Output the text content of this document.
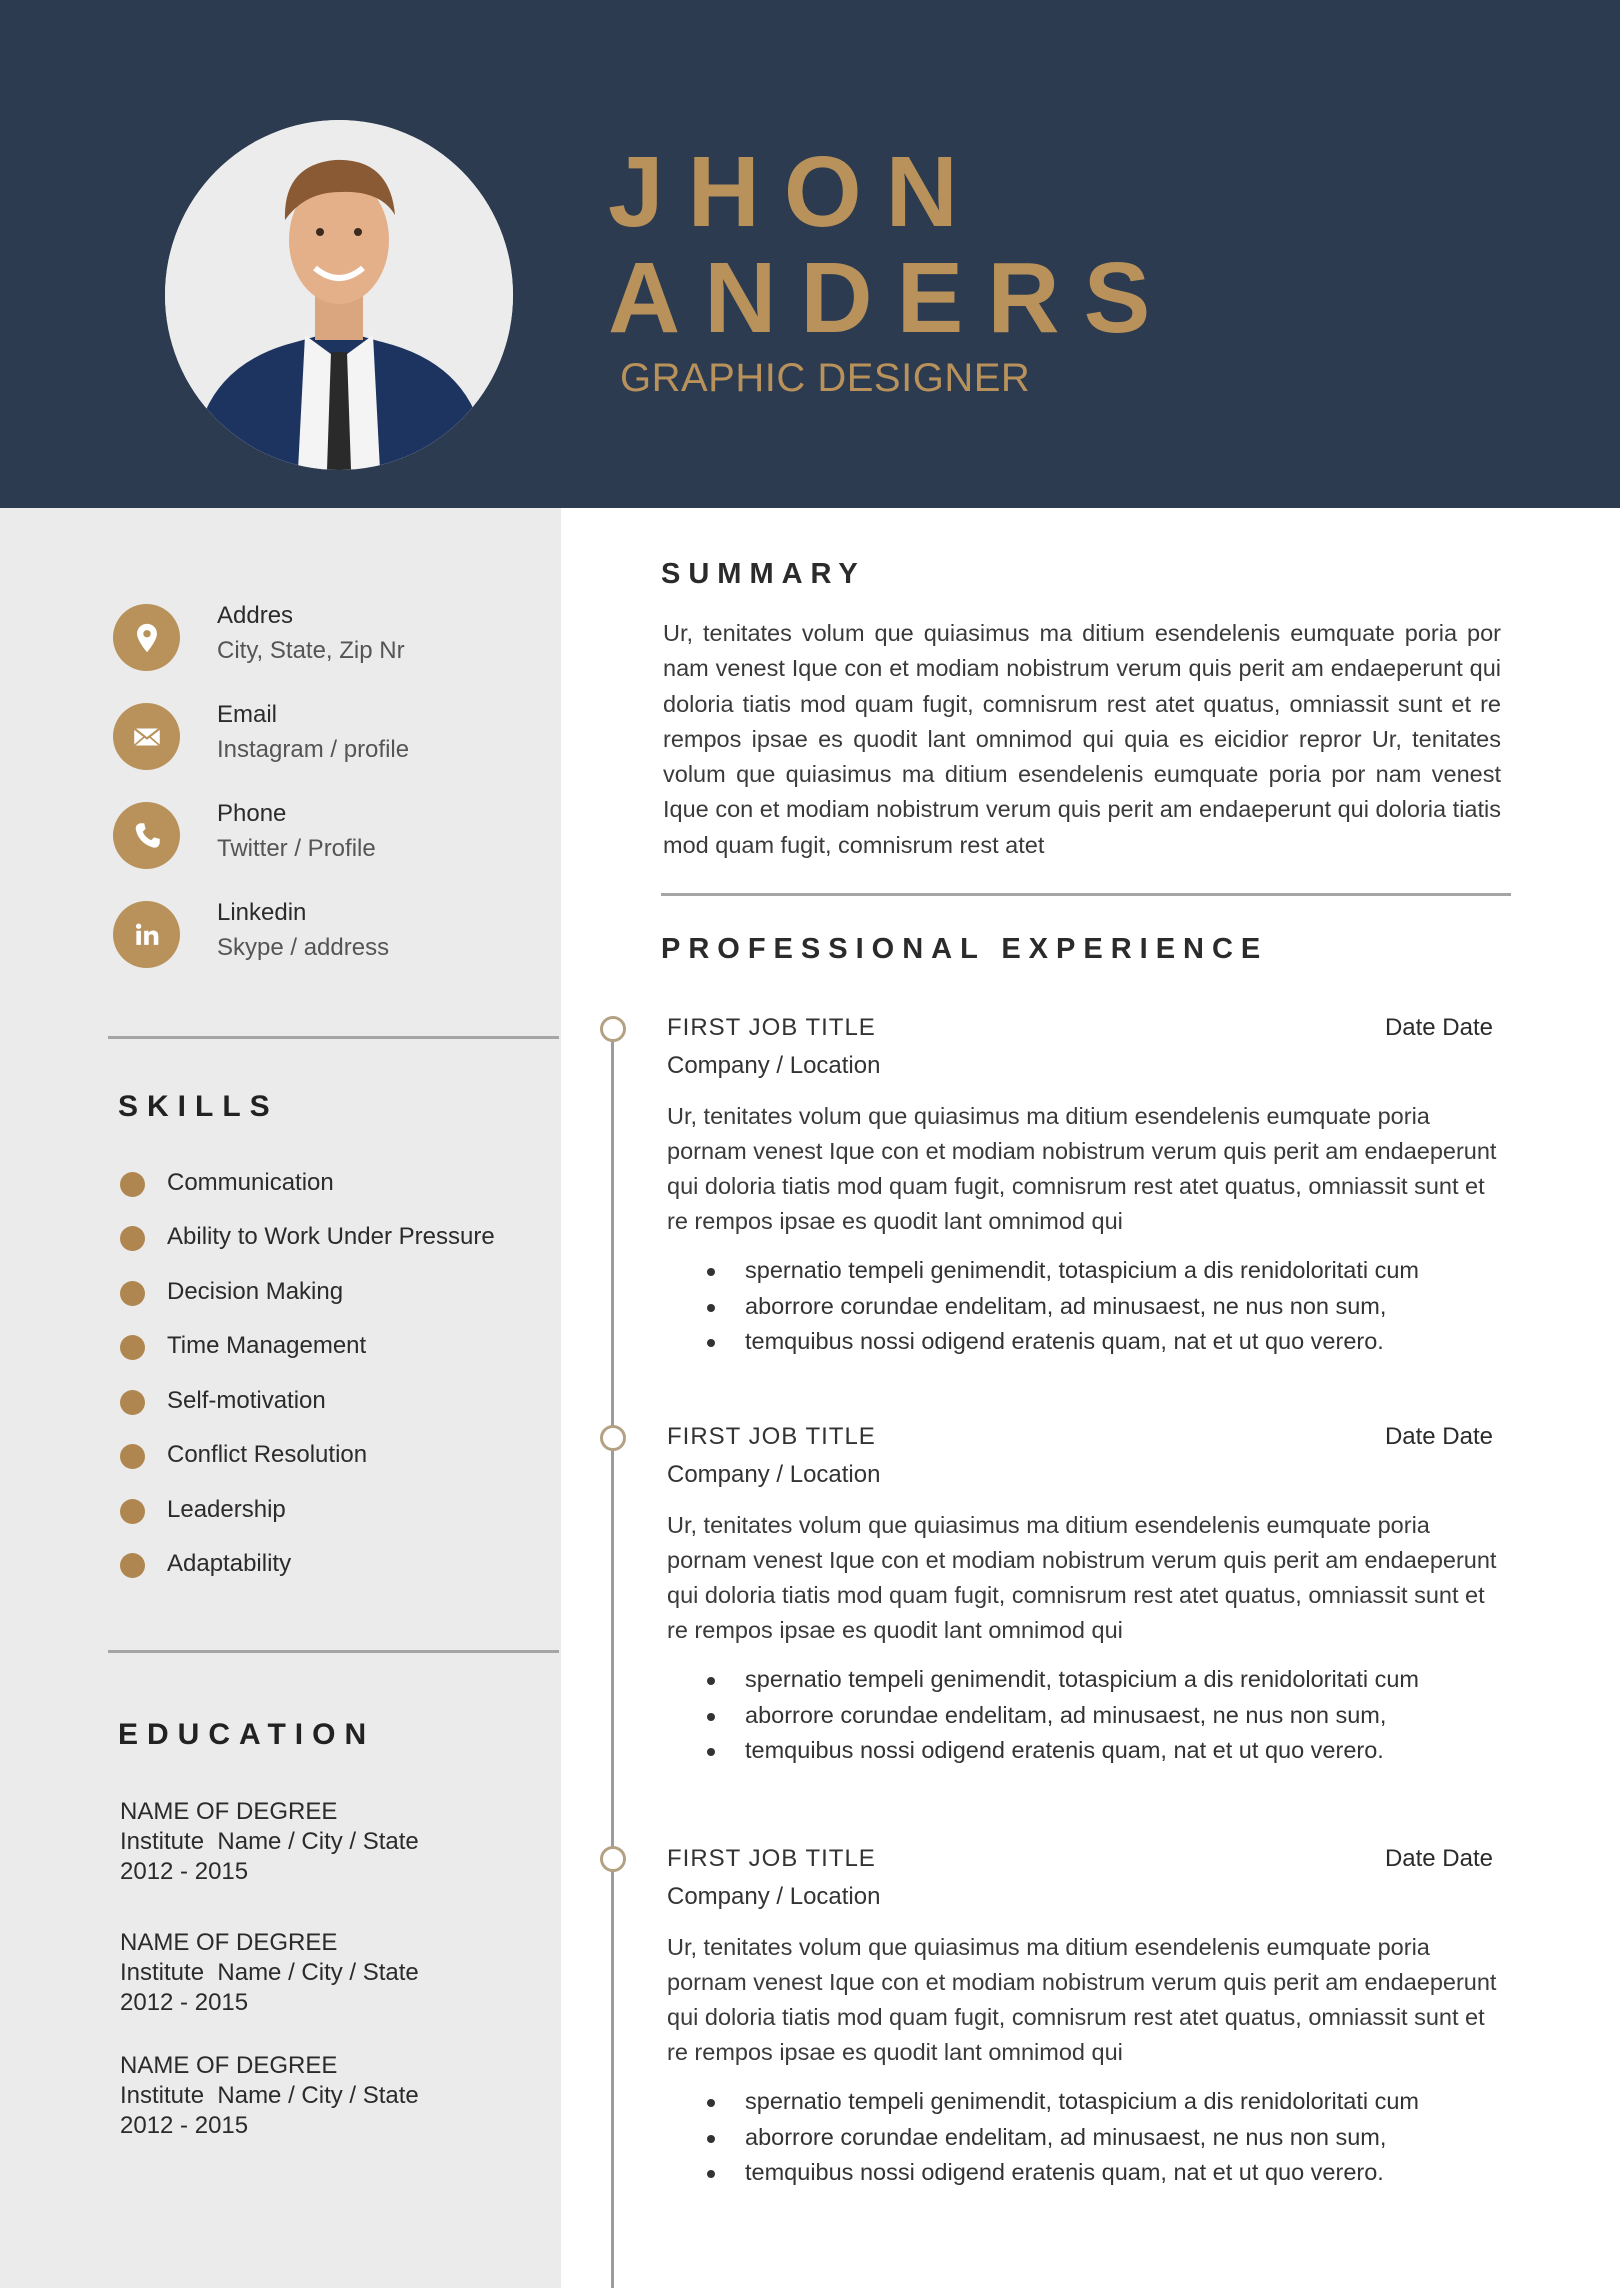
JHON
ANDERS
GRAPHIC DESIGNER
Addres
City, State, Zip Nr
Email
Instagram / profile
Phone
Twitter / Profile
Linkedin
Skype / address
SKILLS
Communication
Ability to Work Under Pressure
Decision Making
Time Management
Self-motivation
Conflict Resolution
Leadership
Adaptability
EDUCATION
NAME OF DEGREE
Institute  Name / City / State
2012 - 2015
NAME OF DEGREE
Institute  Name / City / State
2012 - 2015
NAME OF DEGREE
Institute  Name / City / State
2012 - 2015
SUMMARY
Ur, tenitates volum que quiasimus ma ditium esendelenis eumquate poria por nam venest Ique con et modiam nobistrum verum quis perit am endaeperunt qui doloria tiatis mod quam fugit, comnisrum rest atet quatus, omniassit sunt et re rempos ipsae es quodit lant omnimod qui quia es eicidior repror Ur, tenitates volum que quiasimus ma ditium esendelenis eumquate poria por nam venest Ique con et modiam nobistrum verum quis perit am endaeperunt qui doloria tiatis mod quam fugit, comnisrum rest atet
PROFESSIONAL EXPERIENCE
FIRST JOB TITLE	Date Date
Company / Location
Ur, tenitates volum que quiasimus ma ditium esendelenis eumquate poria pornam venest Ique con et modiam nobistrum verum quis perit am endaeperunt qui doloria tiatis mod quam fugit, comnisrum rest atet quatus, omniassit sunt et re rempos ipsae es quodit lant omnimod qui
spernatio tempeli genimendit, totaspicium a dis renidoloritati cum
aborrore corundae endelitam, ad minusaest, ne nus non sum,
temquibus nossi odigend eratenis quam, nat et ut quo verero.
FIRST JOB TITLE	Date Date
Company / Location
Ur, tenitates volum que quiasimus ma ditium esendelenis eumquate poria pornam venest Ique con et modiam nobistrum verum quis perit am endaeperunt qui doloria tiatis mod quam fugit, comnisrum rest atet quatus, omniassit sunt et re rempos ipsae es quodit lant omnimod qui
spernatio tempeli genimendit, totaspicium a dis renidoloritati cum
aborrore corundae endelitam, ad minusaest, ne nus non sum,
temquibus nossi odigend eratenis quam, nat et ut quo verero.
FIRST JOB TITLE	Date Date
Company / Location
Ur, tenitates volum que quiasimus ma ditium esendelenis eumquate poria pornam venest Ique con et modiam nobistrum verum quis perit am endaeperunt qui doloria tiatis mod quam fugit, comnisrum rest atet quatus, omniassit sunt et re rempos ipsae es quodit lant omnimod qui
spernatio tempeli genimendit, totaspicium a dis renidoloritati cum
aborrore corundae endelitam, ad minusaest, ne nus non sum,
temquibus nossi odigend eratenis quam, nat et ut quo verero.
